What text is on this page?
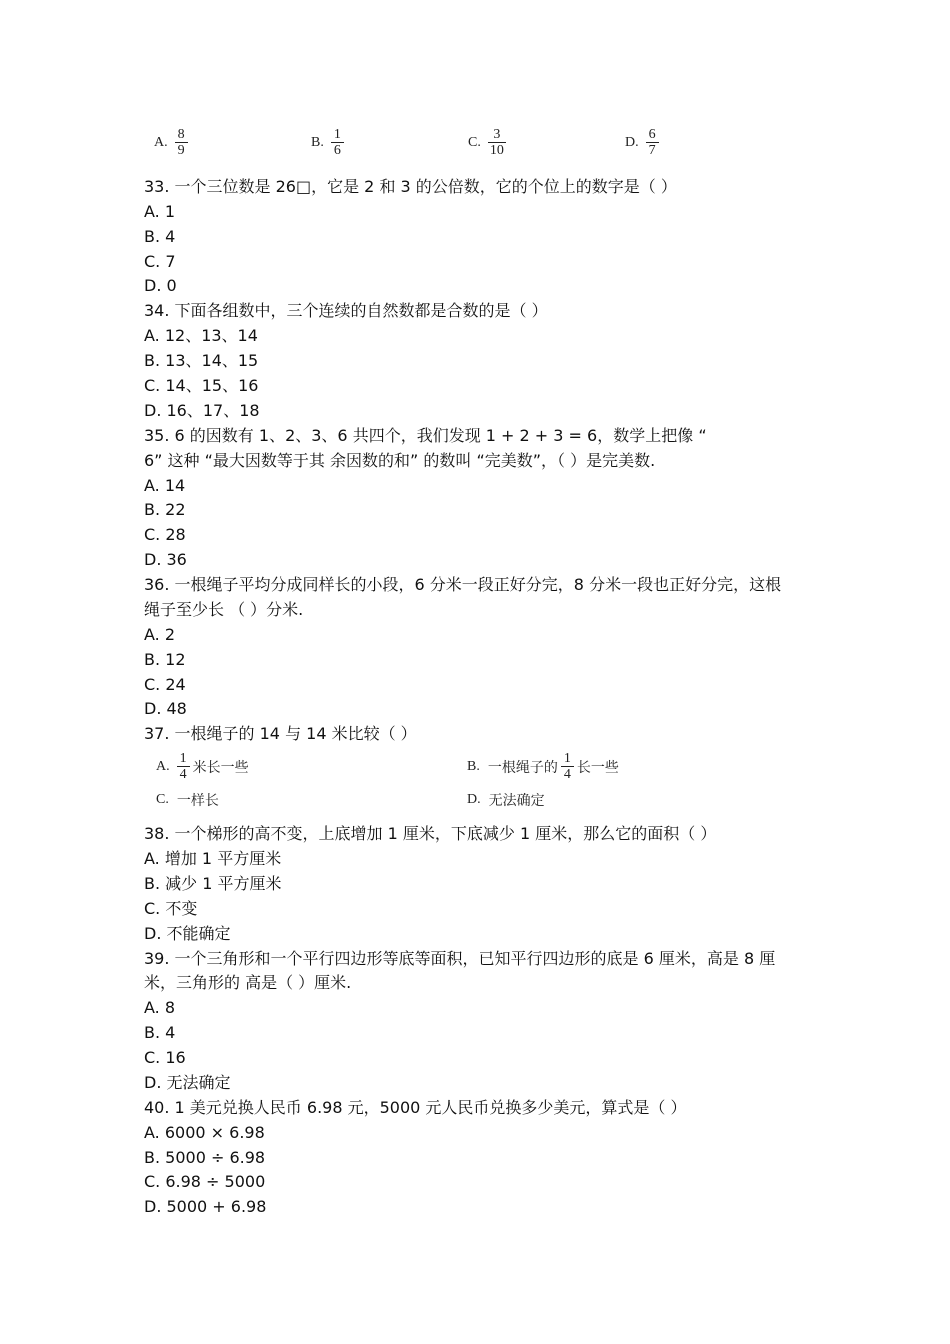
A. $\frac{8}{9}$	B. $\frac{1}{6}$	C. $\frac{3}{10}$	D. $\frac{6}{7}$
33. 一个三位数是 26□，它是 2 和 3 的公倍数，它的个位上的数字是（ ）
A. 1
B. 4
C. 7
D. 0
34. 下面各组数中，三个连续的自然数都是合数的是（ ）
A. 12、13、14
B. 13、14、15
C. 14、15、16
D. 16、17、18
35. 6 的因数有 1、2、3、6 共四个，我们发现 1 + 2 + 3 = 6，数学上把像 “
6” 这种 “最大因数等于其 余因数的和” 的数叫 “完美数”，（ ）是完美数.
A. 14
B. 22
C. 28
D. 36
36. 一根绳子平均分成同样长的小段，6 分米一段正好分完，8 分米一段也正好分完，这根
绳子至少长 （ ）分米.
A. 2
B. 12
C. 24
D. 48
37. 一根绳子的 14 与 14 米比较（ ）
A. $\frac{1}{4}$ 米长一些	B. 一根绳子的 $\frac{1}{4}$ 长一些
C. 一样长	D. 无法确定
38. 一个梯形的高不变，上底增加 1 厘米，下底减少 1 厘米，那么它的面积（ ）
A. 增加 1 平方厘米
B. 减少 1 平方厘米
C. 不变
D. 不能确定
39. 一个三角形和一个平行四边形等底等面积，已知平行四边形的底是 6 厘米，高是 8 厘
米，三角形的 高是（ ）厘米.
A. 8
B. 4
C. 16
D. 无法确定
40. 1 美元兑换人民币 6.98 元，5000 元人民币兑换多少美元，算式是（ ）
A. 6000 × 6.98
B. 5000 ÷ 6.98
C. 6.98 ÷ 5000
D. 5000 + 6.98
